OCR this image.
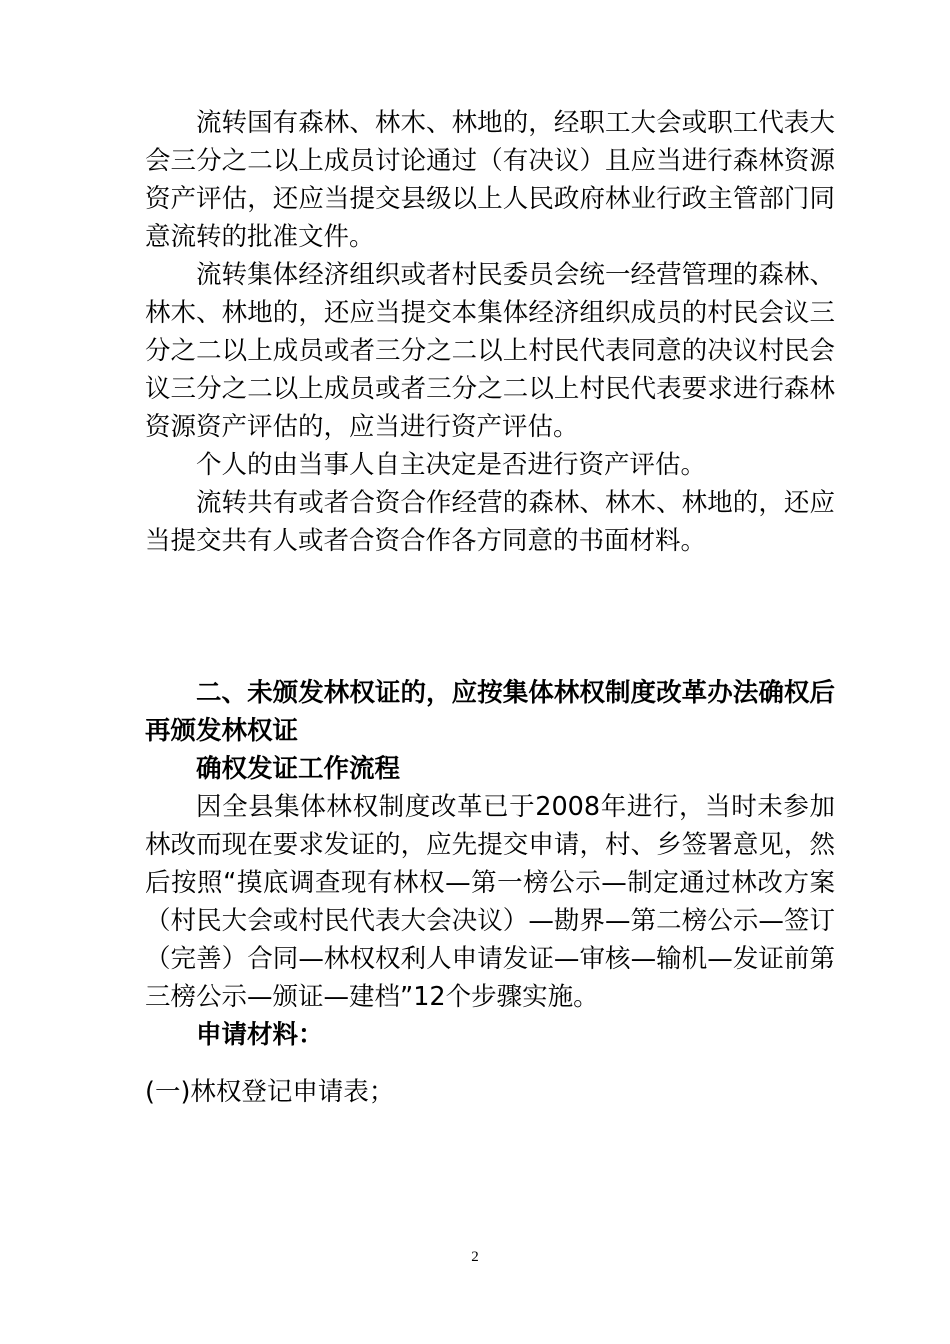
流转国有森林、林木、林地的，经职工大会或职工代表大会三分之二以上成员讨论通过（有决议）且应当进行森林资源资产评估，还应当提交县级以上人民政府林业行政主管部门同意流转的批准文件。

流转集体经济组织或者村民委员会统一经营管理的森林、林木、林地的，还应当提交本集体经济组织成员的村民会议三分之二以上成员或者三分之二以上村民代表同意的决议村民会议三分之二以上成员或者三分之二以上村民代表要求进行森林资源资产评估的，应当进行资产评估。

个人的由当事人自主决定是否进行资产评估。

流转共有或者合资合作经营的森林、林木、林地的，还应当提交共有人或者合资合作各方同意的书面材料。

二、未颁发林权证的，应按集体林权制度改革办法确权后再颁发林权证

确权发证工作流程

因全县集体林权制度改革已于2008年进行，当时未参加林改而现在要求发证的，应先提交申请，村、乡签署意见，然后按照“摸底调查现有林权—第一榜公示—制定通过林改方案（村民大会或村民代表大会决议）—勘界—第二榜公示—签订（完善）合同—林权权利人申请发证—审核—输机—发证前第三榜公示—颁证—建档”12个步骤实施。

申请材料：

(一)林权登记申请表；

2
